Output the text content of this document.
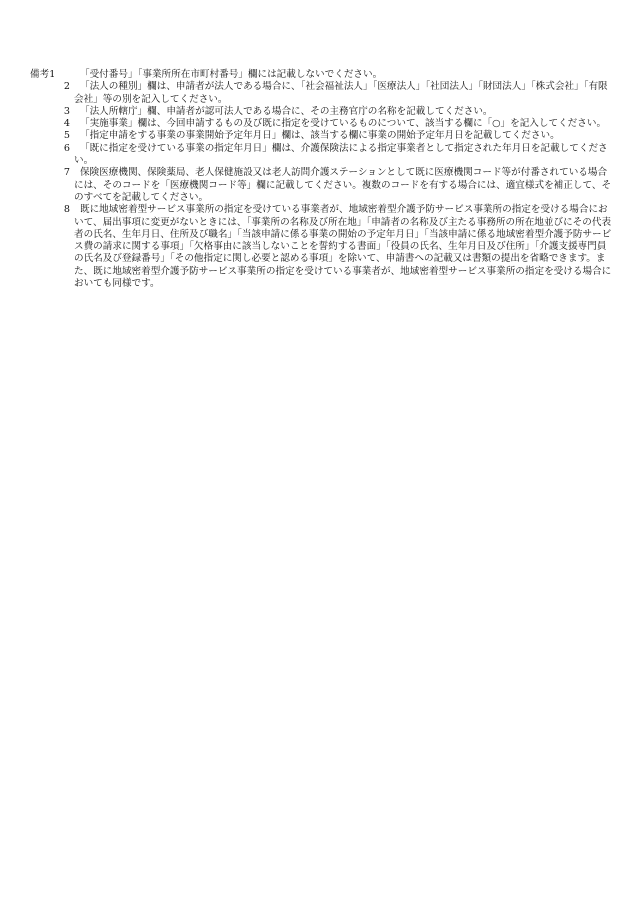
備考1	「受付番号」「事業所所在市町村番号」欄には記載しないでください。
2	「法人の種別」欄は、申請者が法人である場合に、「社会福祉法人」「医療法人」「社団法人」「財団法人」「株式会社」「有限会社」等の別を記入してください。
3	「法人所轄庁」欄、申請者が認可法人である場合に、その主務官庁の名称を記載してください。
4	「実施事業」欄は、今回申請するもの及び既に指定を受けているものについて、該当する欄に「○」を記入してください。
5	「指定申請をする事業の事業開始予定年月日」欄は、該当する欄に事業の開始予定年月日を記載してください。
6	「既に指定を受けている事業の指定年月日」欄は、介護保険法による指定事業者として指定された年月日を記載してください。
7	保険医療機関、保険薬局、老人保健施設又は老人訪問介護ステーションとして既に医療機関コード等が付番されている場合には、そのコードを「医療機関コード等」欄に記載してください。複数のコードを有する場合には、適宜様式を補正して、そのすべてを記載してください。
8	既に地域密着型サービス事業所の指定を受けている事業者が、地域密着型介護予防サービス事業所の指定を受ける場合において、届出事項に変更がないときには、「事業所の名称及び所在地」「申請者の名称及び主たる事務所の所在地並びにその代表者の氏名、生年月日、住所及び職名」「当該申請に係る事業の開始の予定年月日」「当該申請に係る地域密着型介護予防サービス費の請求に関する事項」「欠格事由に該当しないことを誓約する書面」「役員の氏名、生年月日及び住所」「介護支援専門員の氏名及び登録番号」「その他指定に関し必要と認める事項」を除いて、申請書への記載又は書類の提出を省略できます。また、既に地域密着型介護予防サービス事業所の指定を受けている事業者が、地域密着型サービス事業所の指定を受ける場合においても同様です。
